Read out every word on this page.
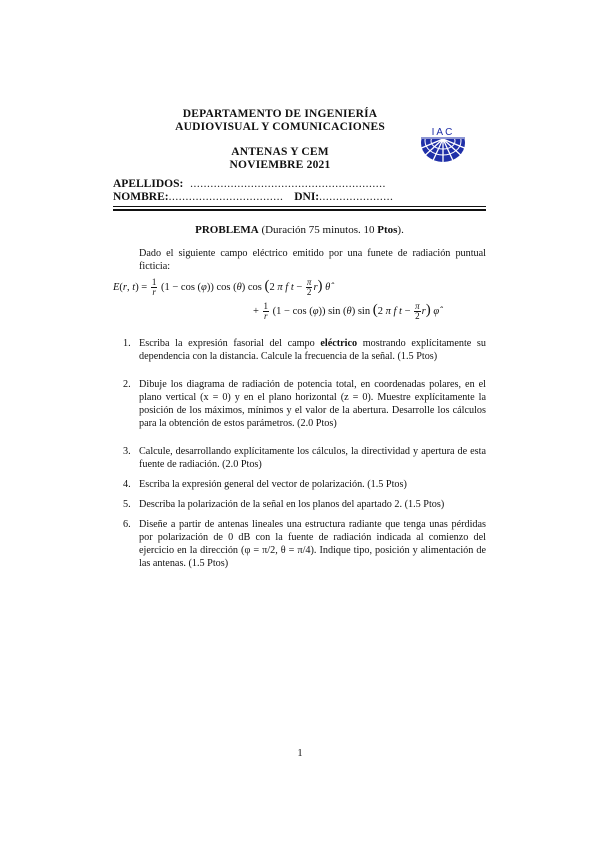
DEPARTAMENTO DE INGENIERÍA
AUDIOVISUAL Y COMUNICACIONES
ANTENAS Y CEM
NOVIEMBRE 2021
IAC
APELLIDOS: ..........................................................
NOMBRE:.................................. DNI:......................
PROBLEMA (Duración 75 minutos. 10 Ptos).
Dado el siguiente campo eléctrico emitido por una funete de radiación puntual ficticia:
E(r, $t) = \frac{1}{r} (1 - \cos (\varphi))$ cos (θ) cos (2 π f $t - \frac{\pi}{2} r$) θ̂
+ $\frac{1}{r} (1 - \cos (\varphi))$ sin (θ) sin (2 π f $t - \frac{\pi}{2} r$) φ̂
1. Escriba la expresión fasorial del campo eléctrico mostrando explícitamente su dependencia con la distancia. Calcule la frecuencia de la señal. (1.5 Ptos)
2. Dibuje los diagrama de radiación de potencia total, en coordenadas polares, en el plano vertical (x = 0) y en el plano horizontal (z = 0). Muestre explícitamente la posición de los máximos, mínimos y el valor de la abertura. Desarrolle los cálculos para la obtención de estos parámetros. (2.0 Ptos)
3. Calcule, desarrollando explícitamente los cálculos, la directividad y apertura de esta fuente de radiación. (2.0 Ptos)
4. Escriba la expresión general del vector de polarización. (1.5 Ptos)
5. Describa la polarización de la señal en los planos del apartado 2. (1.5 Ptos)
6. Diseñe a partir de antenas lineales una estructura radiante que tenga unas pérdidas por polarización de 0 dB con la fuente de radiación indicada al comienzo del ejercicio en la dirección (φ = π/2, θ = π/4). Indique tipo, posición y alimentación de las antenas. (1.5 Ptos)
1
